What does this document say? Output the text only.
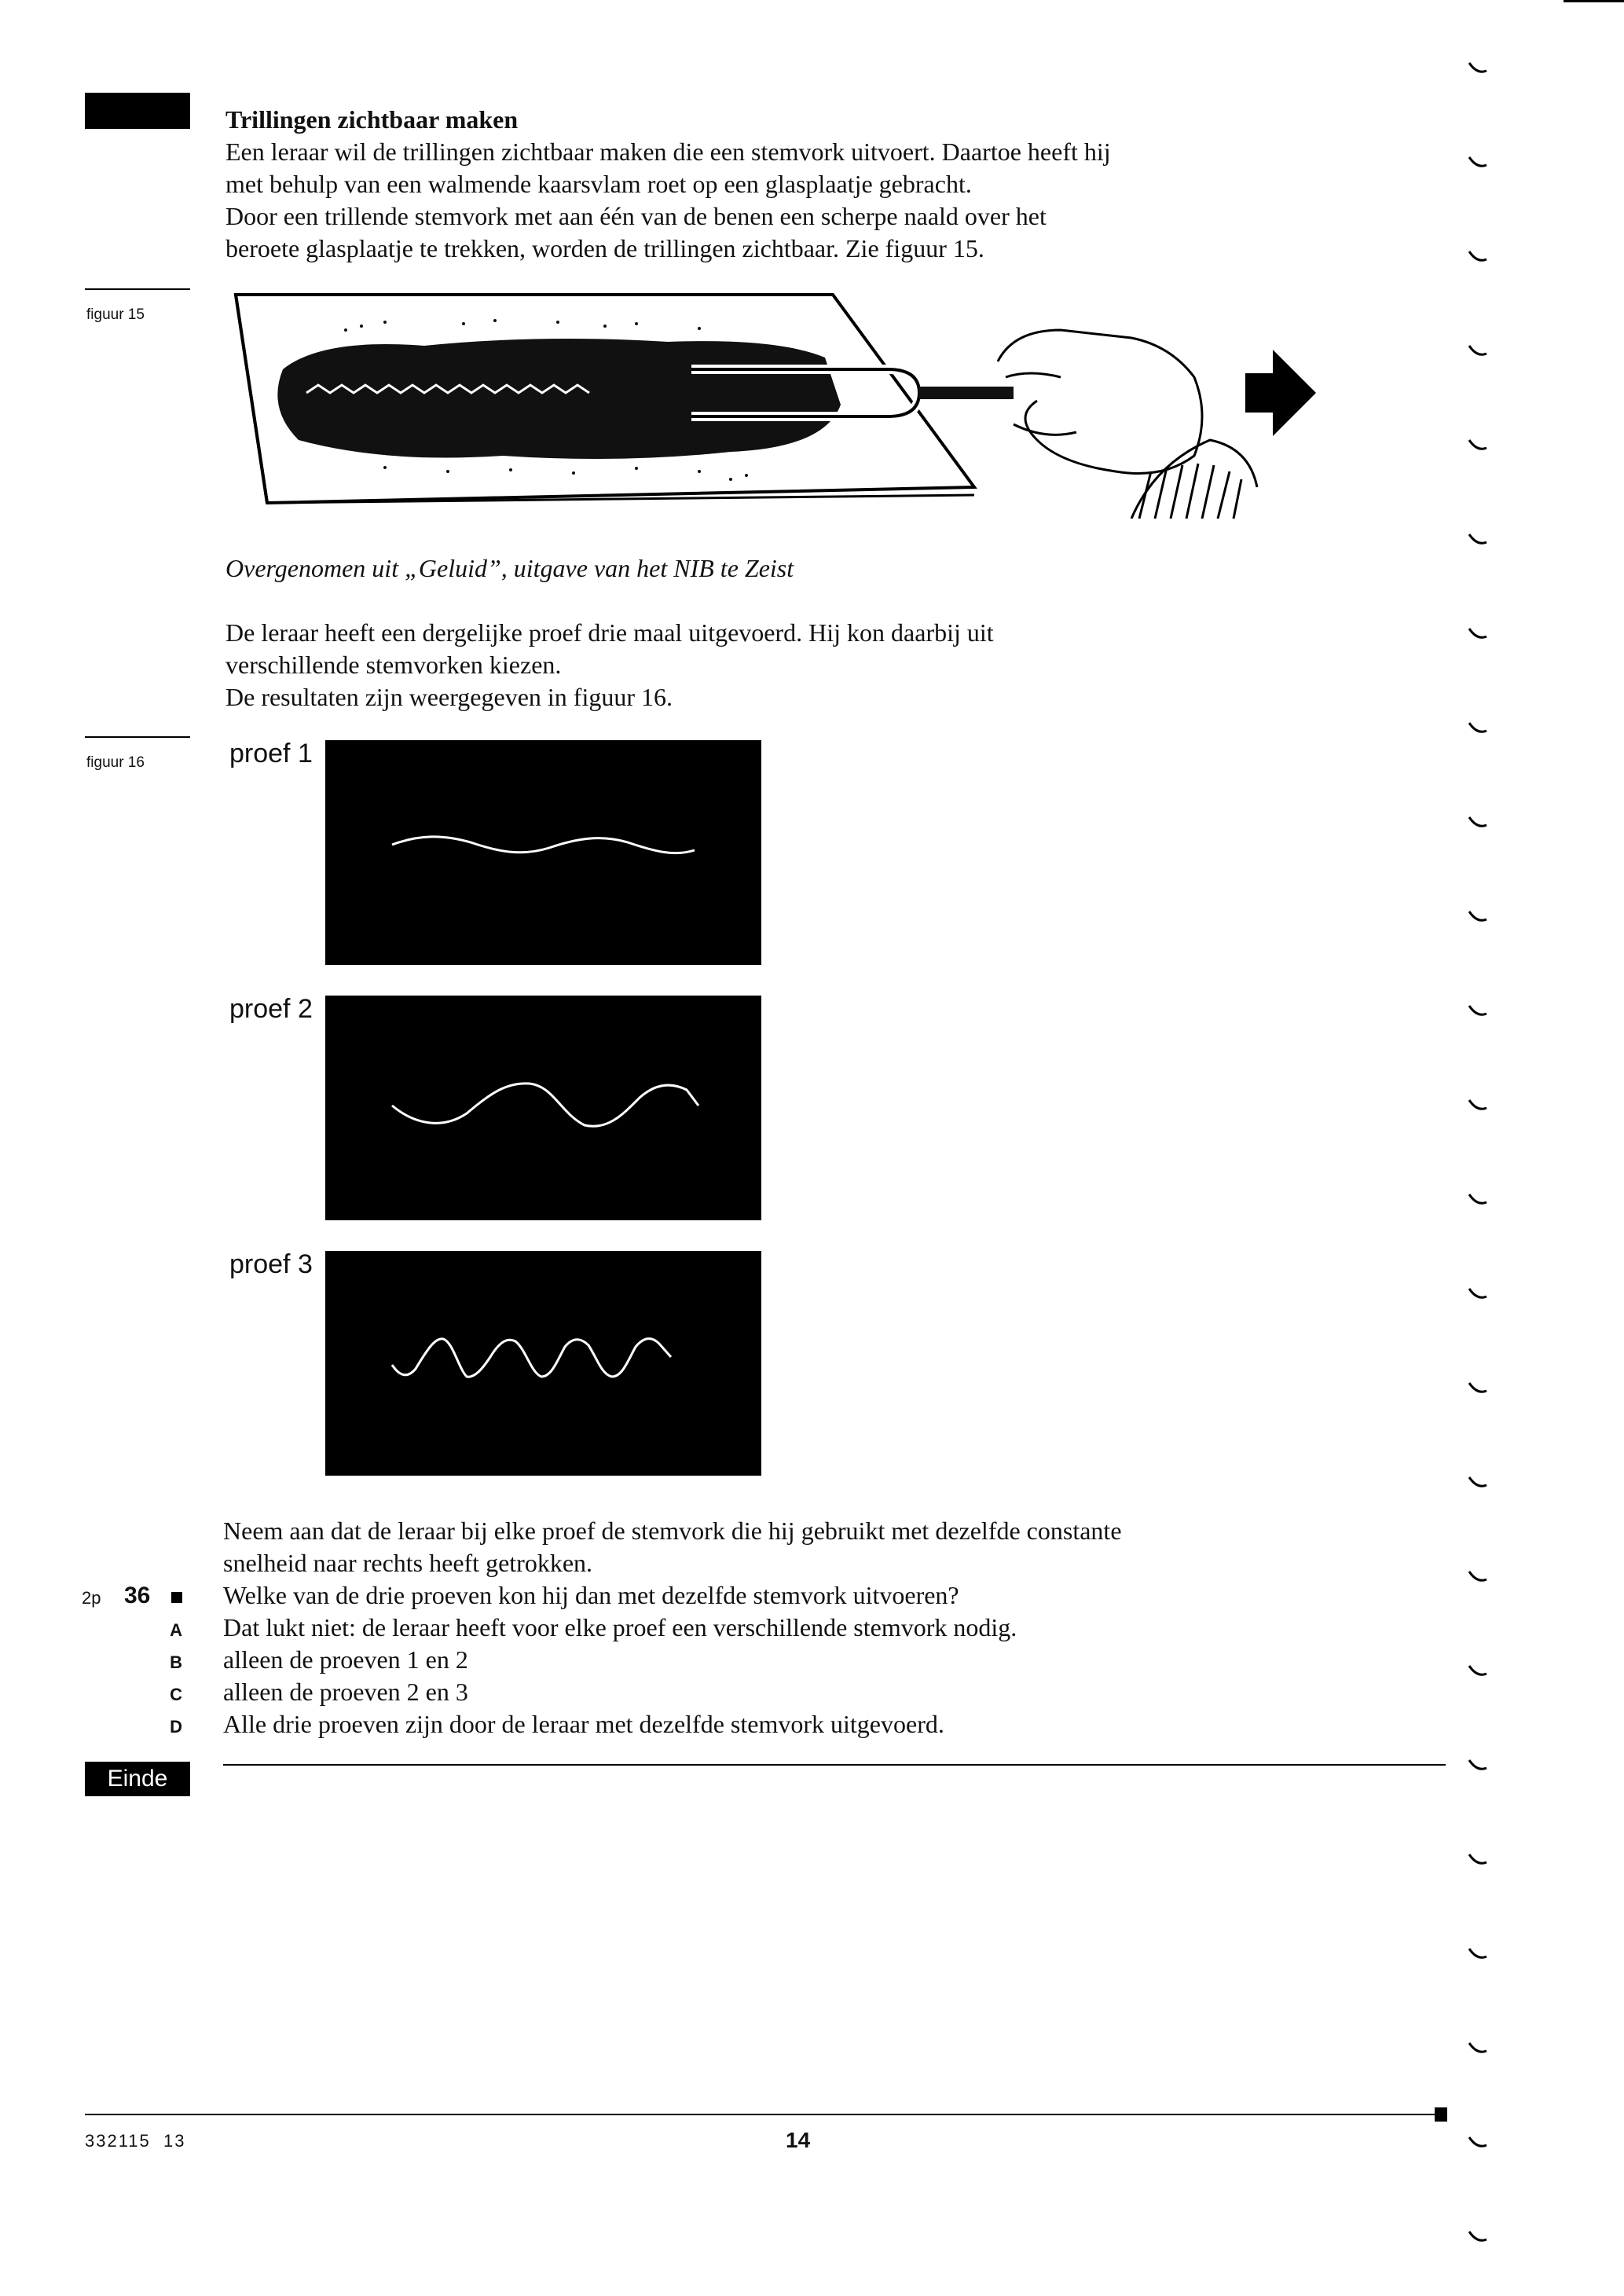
Trillingen zichtbaar maken
Een leraar wil de trillingen zichtbaar maken die een stemvork uitvoert. Daartoe heeft hij
met behulp van een walmende kaarsvlam roet op een glasplaatje gebracht.
Door een trillende stemvork met aan één van de benen een scherpe naald over het
beroete glasplaatje te trekken, worden de trillingen zichtbaar. Zie figuur 15.
figuur 15
Overgenomen uit „Geluid”, uitgave van het NIB te Zeist
De leraar heeft een dergelijke proef drie maal uitgevoerd. Hij kon daarbij uit
verschillende stemvorken kiezen.
De resultaten zijn weergegeven in figuur 16.
figuur 16	proef 1
proef 2
proef 3
Neem aan dat de leraar bij elke proef de stemvork die hij gebruikt met dezelfde constante
snelheid naar rechts heeft getrokken.
2p 36	Welke van de drie proeven kon hij dan met dezelfde stemvork uitvoeren?
A Dat lukt niet: de leraar heeft voor elke proef een verschillende stemvork nodig.
B alleen de proeven 1 en 2
C alleen de proeven 2 en 3
D Alle drie proeven zijn door de leraar met dezelfde stemvork uitgevoerd.
Einde
332115  13	14
